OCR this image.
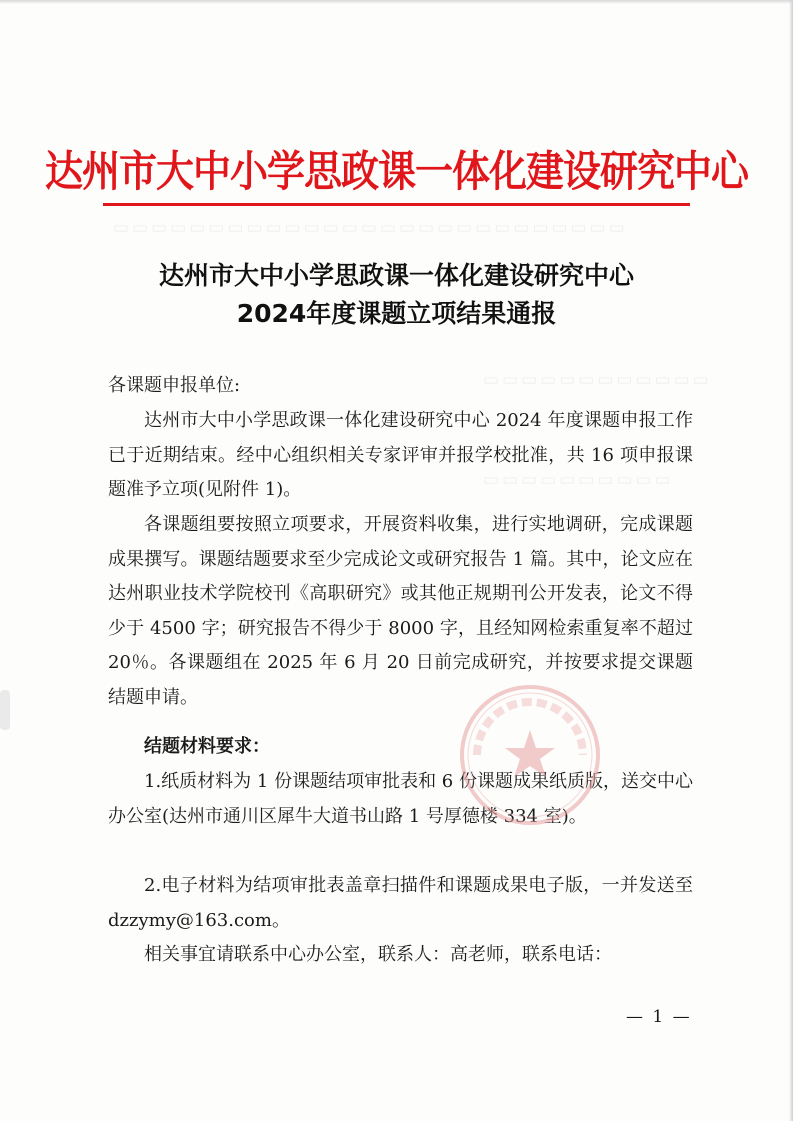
▭▭▭▭▭▭▭▭▭▭▭▭▭▭▭▭▭▭▭▭▭▭▭▭▭▭▭
▭▭▭▭▭▭▭▭▭▭▭▭
▭▭▭▭▭▭▭▭▭▭
达州市大中小学思政课一体化建设研究中心
达州市大中小学思政课一体化建设研究中心
2024年度课题立项结果通报
各课题申报单位:

达州市大中小学思政课一体化建设研究中心 2024 年度课题申报工作已于近期结束。经中心组织相关专家评审并报学校批准，共 16 项申报课题准予立项(见附件 1)。

各课题组要按照立项要求，开展资料收集，进行实地调研，完成课题成果撰写。课题结题要求至少完成论文或研究报告 1 篇。其中，论文应在达州职业技术学院校刊《高职研究》或其他正规期刊公开发表，论文不得少于 4500 字；研究报告不得少于 8000 字，且经知网检索重复率不超过 20％。各课题组在 2025 年 6 月 20 日前完成研究，并按要求提交课题结题申请。

结题材料要求：

1.纸质材料为 1 份课题结项审批表和 6 份课题成果纸质版，送交中心办公室(达州市通川区犀牛大道书山路 1 号厚德楼 334 室)。

2.电子材料为结项审批表盖章扫描件和课题成果电子版，一并发送至 dzzymy@163.com。

相关事宜请联系中心办公室，联系人：高老师，联系电话：

— 1 —
